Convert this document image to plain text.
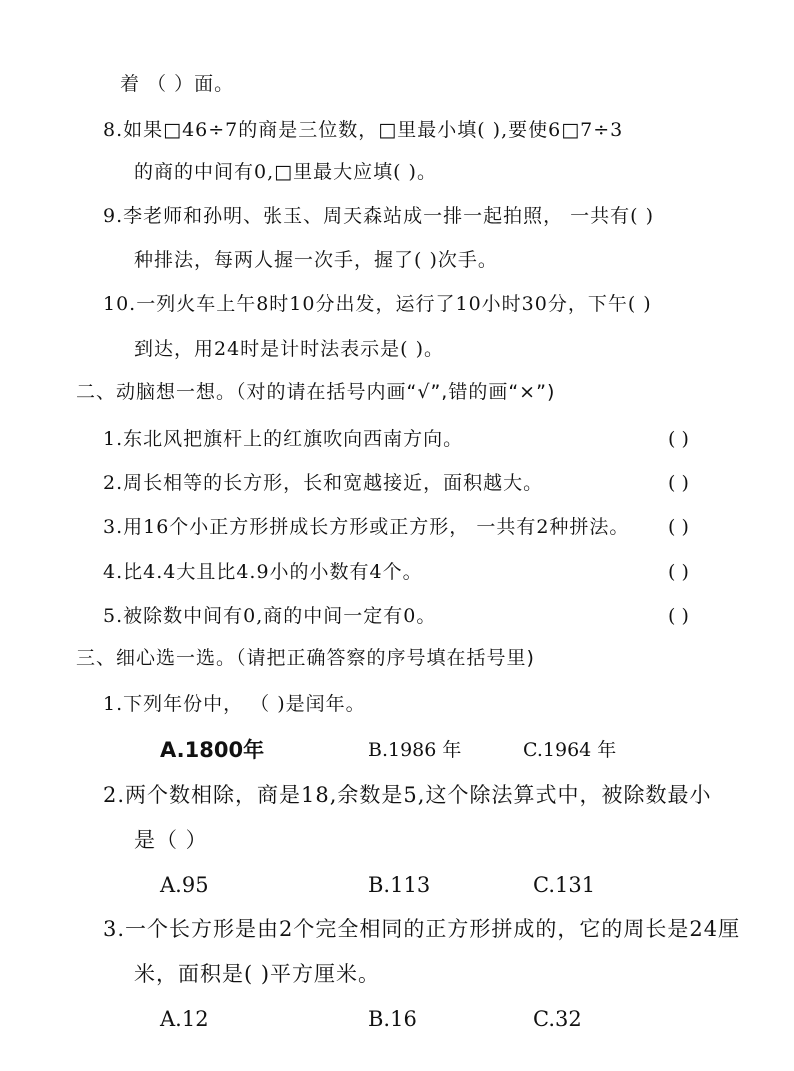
着 （ ）面。
8.如果□46÷7的商是三位数，□里最小填( ),要使6□7÷3
的商的中间有0,□里最大应填( )。
9.李老师和孙明、张玉、周天森站成一排一起拍照， 一共有( )
种排法，每两人握一次手，握了( )次手。
10.一列火车上午8时10分出发，运行了10小时30分，下午( )
到达，用24时是计时法表示是( )。
二、动脑想一想。（对的请在括号内画“√”,错的画“×”)
1.东北风把旗杆上的红旗吹向西南方向。	( )
2.周长相等的长方形，长和宽越接近，面积越大。	( )
3.用16个小正方形拼成长方形或正方形， 一共有2种拼法。 ( )
4.比4.4大且比4.9小的小数有4个。	( )
5.被除数中间有0,商的中间一定有0。	( )
三、细心选一选。（请把正确答察的序号填在括号里)
1.下列年份中， （ )是闰年。
A.1800年	B.1986 年	C.1964 年
2.两个数相除，商是18,余数是5,这个除法算式中，被除数最小
是（ ）
A.95	B.113	C.131
3.一个长方形是由2个完全相同的正方形拼成的，它的周长是24厘
米，面积是( )平方厘米。
A.12	B.16	C.32
